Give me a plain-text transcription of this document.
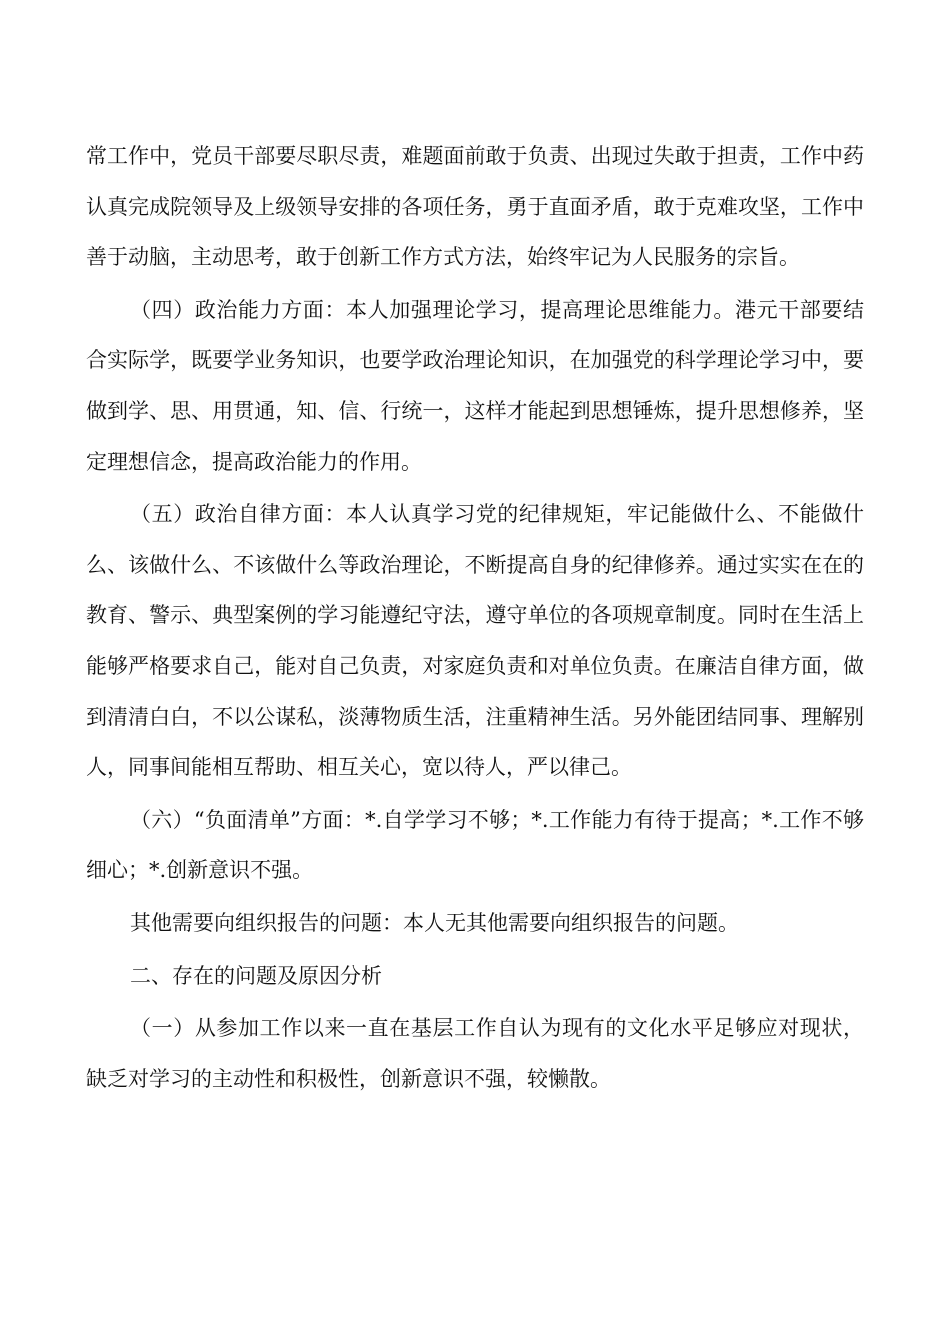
常工作中，党员干部要尽职尽责，难题面前敢于负责、出现过失敢于担责，工作中药认真完成院领导及上级领导安排的各项任务，勇于直面矛盾，敢于克难攻坚，工作中善于动脑，主动思考，敢于创新工作方式方法，始终牢记为人民服务的宗旨。

（四）政治能力方面：本人加强理论学习，提高理论思维能力。港元干部要结合实际学，既要学业务知识，也要学政治理论知识，在加强党的科学理论学习中，要做到学、思、用贯通，知、信、行统一，这样才能起到思想锤炼，提升思想修养，坚定理想信念，提高政治能力的作用。

（五）政治自律方面：本人认真学习党的纪律规矩，牢记能做什么、不能做什么、该做什么、不该做什么等政治理论，不断提高自身的纪律修养。通过实实在在的教育、警示、典型案例的学习能遵纪守法，遵守单位的各项规章制度。同时在生活上能够严格要求自己，能对自己负责，对家庭负责和对单位负责。在廉洁自律方面，做到清清白白，不以公谋私，淡薄物质生活，注重精神生活。另外能团结同事、理解别人，同事间能相互帮助、相互关心，宽以待人，严以律己。

（六）“负面清单”方面：*.自学学习不够；*.工作能力有待于提高；*.工作不够细心；*.创新意识不强。

其他需要向组织报告的问题：本人无其他需要向组织报告的问题。

二、存在的问题及原因分析

（一）从参加工作以来一直在基层工作自认为现有的文化水平足够应对现状，缺乏对学习的主动性和积极性，创新意识不强，较懒散。
